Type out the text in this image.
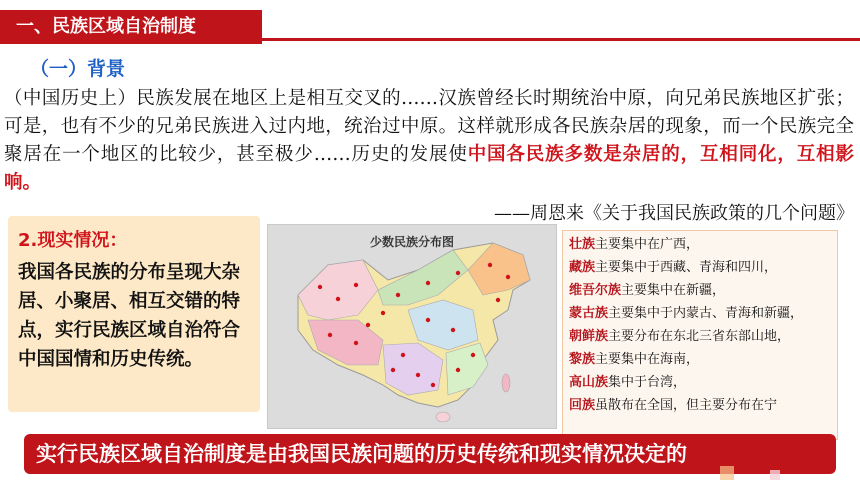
一、民族区域自治制度
（一）背景
（中国历史上）民族发展在地区上是相互交叉的……汉族曾经长时期统治中原，向兄弟民族地区扩张；可是，也有不少的兄弟民族进入过内地，统治过中原。这样就形成各民族杂居的现象，而一个民族完全聚居在一个地区的比较少，甚至极少……历史的发展使中国各民族多数是杂居的，互相同化，互相影响。
——周恩来《关于我国民族政策的几个问题》
2.现实情况：
我国各民族的分布呈现大杂居、小聚居、相互交错的特点，实行民族区域自治符合中国国情和历史传统。
少数民族分布图	壮族主要集中在广西，
藏族主要集中于西藏、青海和四川，
维吾尔族主要集中在新疆，
蒙古族主要集中于内蒙古、青海和新疆，
朝鲜族主要分布在东北三省东部山地，
黎族主要集中在海南，
高山族集中于台湾，
回族虽散布在全国，但主要分布在宁
实行民族区域自治制度是由我国民族问题的历史传统和现实情况决定的
